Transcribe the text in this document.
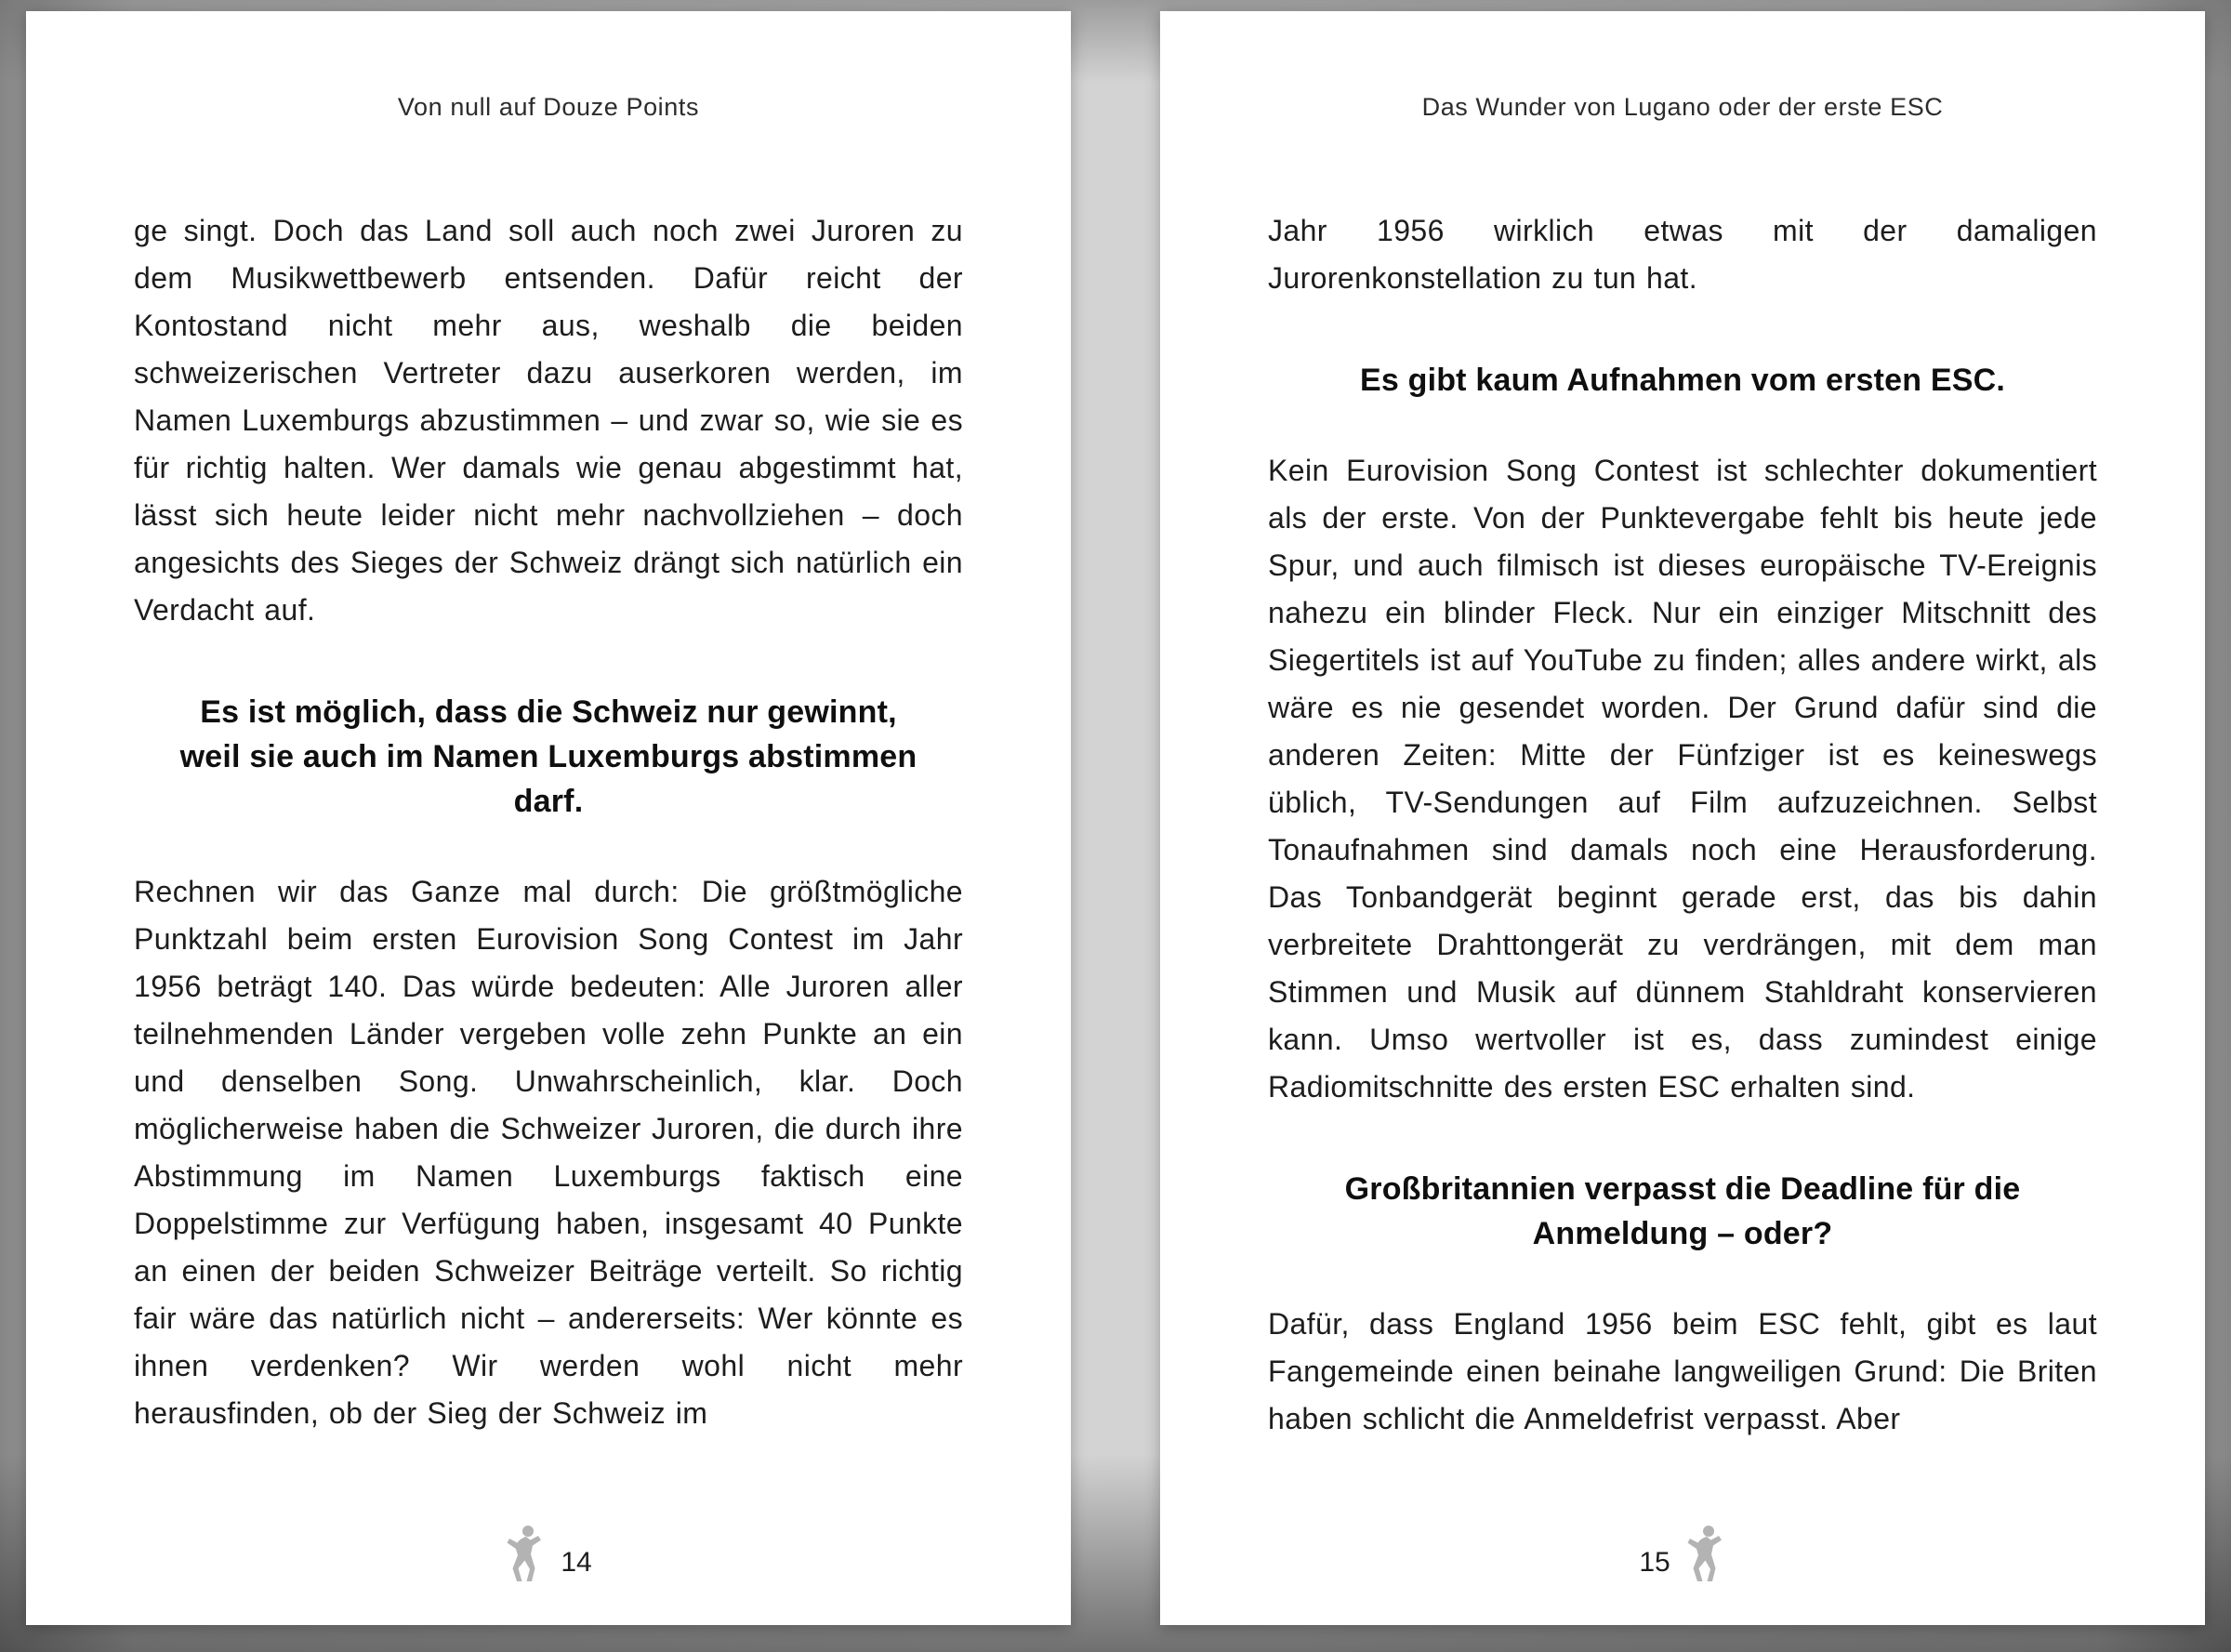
Von null auf Douze Points

ge singt. Doch das Land soll auch noch zwei Juroren zu dem Musikwettbewerb entsenden. Dafür reicht der Kontostand nicht mehr aus, weshalb die beiden schweizerischen Vertreter dazu auserkoren werden, im Namen Luxemburgs abzustimmen – und zwar so, wie sie es für richtig halten. Wer damals wie genau abgestimmt hat, lässt sich heute leider nicht mehr nachvollziehen – doch angesichts des Sieges der Schweiz drängt sich natürlich ein Verdacht auf.

Es ist möglich, dass die Schweiz nur gewinnt, weil sie auch im Namen Luxemburgs abstimmen darf.

Rechnen wir das Ganze mal durch: Die größtmögliche Punktzahl beim ersten Eurovision Song Contest im Jahr 1956 beträgt 140. Das würde bedeuten: Alle Juroren aller teilnehmenden Länder vergeben volle zehn Punkte an ein und denselben Song. Unwahrscheinlich, klar. Doch möglicherweise haben die Schweizer Juroren, die durch ihre Abstimmung im Namen Luxemburgs faktisch eine Doppelstimme zur Verfügung haben, insgesamt 40 Punkte an einen der beiden Schweizer Beiträge verteilt. So richtig fair wäre das natürlich nicht – andererseits: Wer könnte es ihnen verdenken? Wir werden wohl nicht mehr herausfinden, ob der Sieg der Schweiz im

14
Das Wunder von Lugano oder der erste ESC

Jahr 1956 wirklich etwas mit der damaligen Jurorenkonstellation zu tun hat.

Es gibt kaum Aufnahmen vom ersten ESC.

Kein Eurovision Song Contest ist schlechter dokumentiert als der erste. Von der Punktevergabe fehlt bis heute jede Spur, und auch filmisch ist dieses europäische TV-Ereignis nahezu ein blinder Fleck. Nur ein einziger Mitschnitt des Siegertitels ist auf YouTube zu finden; alles andere wirkt, als wäre es nie gesendet worden. Der Grund dafür sind die anderen Zeiten: Mitte der Fünfziger ist es keineswegs üblich, TV-Sendungen auf Film aufzuzeichnen. Selbst Tonaufnahmen sind damals noch eine Herausforderung. Das Tonbandgerät beginnt gerade erst, das bis dahin verbreitete Drahttongerät zu verdrängen, mit dem man Stimmen und Musik auf dünnem Stahldraht konservieren kann. Umso wertvoller ist es, dass zumindest einige Radiomitschnitte des ersten ESC erhalten sind.

Großbritannien verpasst die Deadline für die Anmeldung – oder?

Dafür, dass England 1956 beim ESC fehlt, gibt es laut Fangemeinde einen beinahe langweiligen Grund: Die Briten haben schlicht die Anmeldefrist verpasst. Aber

15
